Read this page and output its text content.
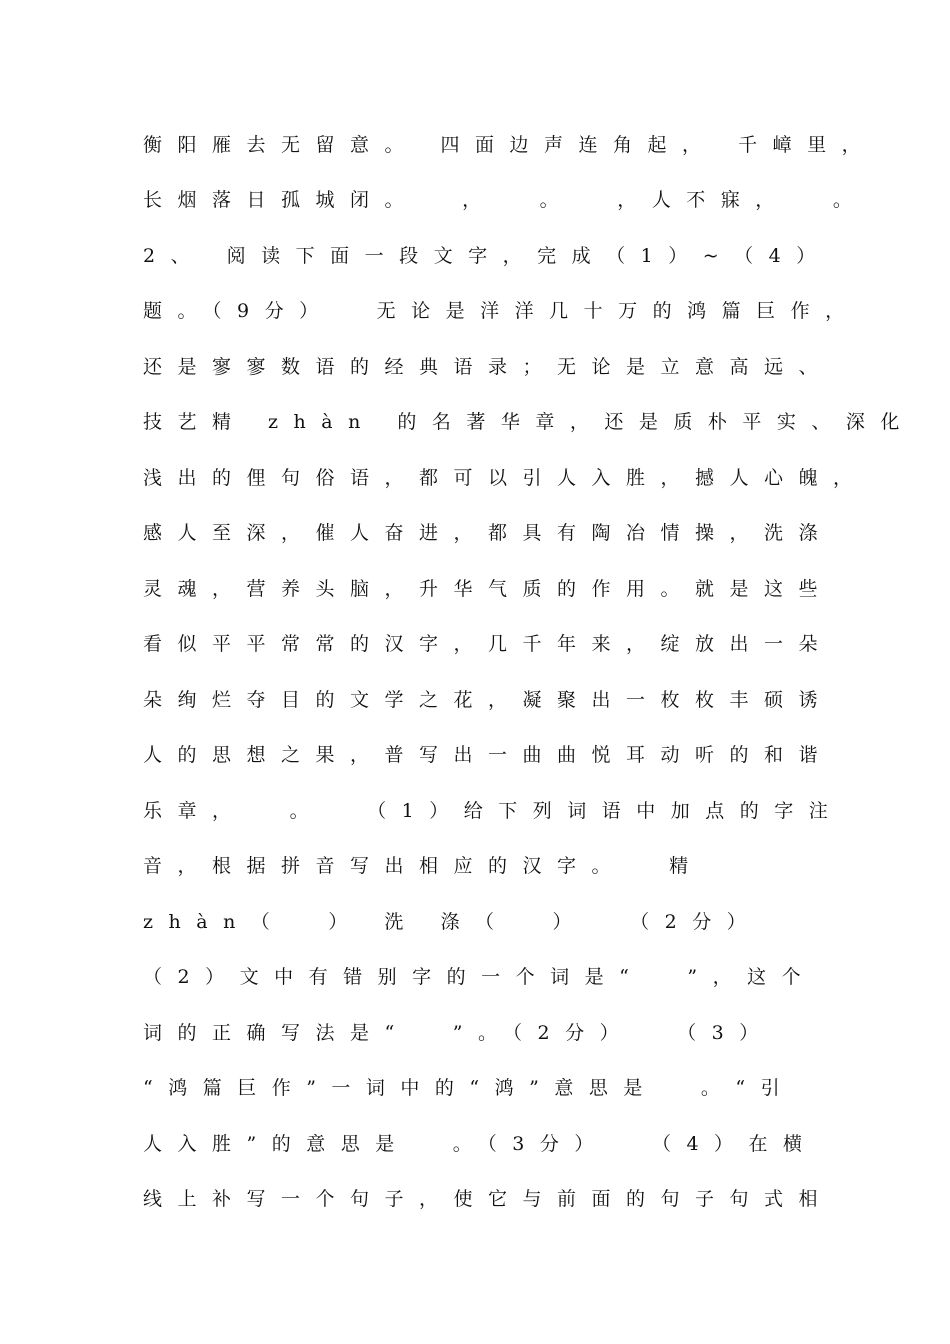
衡阳雁去无留意。 四面边声连角起， 千嶂里，
长烟落日孤城闭。  ，  。  ，人不寐，  。
2、 阅读下面一段文字，完成（1）~（4）
题。（9分）  无论是洋洋几十万的鸿篇巨作，
还是寥寥数语的经典语录；无论是立意高远、
技艺精 zhàn 的名著华章，还是质朴平实、深化
浅出的俚句俗语，都可以引人入胜，撼人心魄，
感人至深，催人奋进，都具有陶冶情操，洗涤
灵魂，营养头脑，升华气质的作用。就是这些
看似平平常常的汉字，几千年来，绽放出一朵
朵绚烂夺目的文学之花，凝聚出一枚枚丰硕诱
人的思想之果，普写出一曲曲悦耳动听的和谐
乐章，  。  （1）给下列词语中加点的字注
音，根据拼音写出相应的汉字。  精
zhàn（  ） 洗 涤（  ）  （2分）
（2）文中有错别字的一个词是“  ”，这个
词的正确写法是“  ”。（2分）  （3）
“鸿篇巨作”一词中的“鸿”意思是  。“引
人入胜”的意思是  。（3分）  （4）在横
线上补写一个句子，使它与前面的句子句式相
